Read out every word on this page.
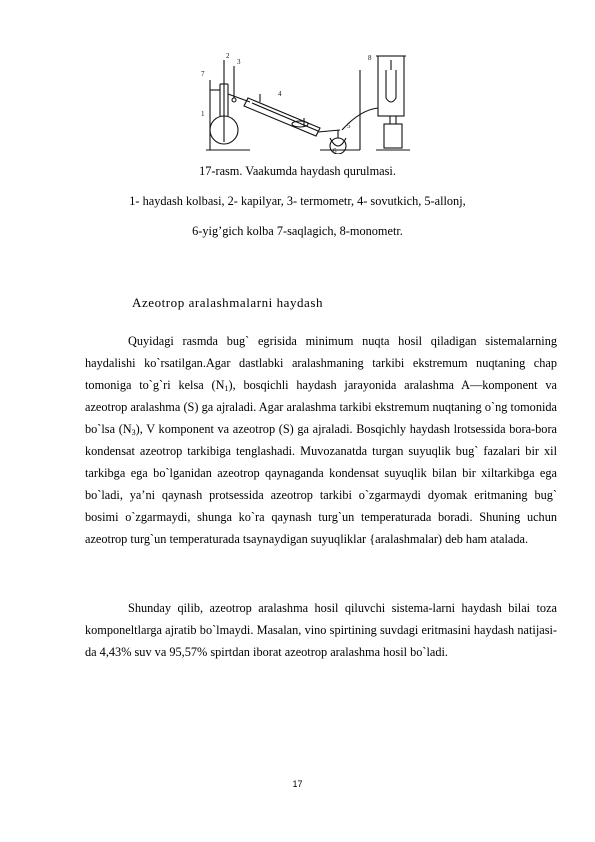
7
1
3
2
4
5
6
8
17-rasm. Vaakumda haydash qurulmasi.
1- haydash kolbasi, 2- kapilyar, 3- termometr, 4- sovutkich, 5-allonj,
6-yig’gich kolba 7-saqlagich, 8-monometr.
Azeotrop aralashmalarni haydash

Quyidagi rasmda bug` egrisida minimum nuqta hosil qiladigan sistemalarning haydalishi ko`rsatilgan.Agar dastlabki aralashmaning tarkibi ekstremum nuqtaning chap tomoniga to`g`ri kelsa $(N_1)$, bosqichli haydash jarayonida aralashma A—komponent va azeotrop aralashma (S) ga ajraladi. Agar aralashma tarkibi ekstremum nuqtaning o`ng tomonida bo`lsa $(N_3)$, V komponent va azeotrop (S) ga ajraladi. Bosqichly haydash lrotsessida bora-bora kondensat azeotrop tarkibiga tenglashadi. Muvozanatda turgan suyuqlik bug` fazalari bir xil tarkibga ega bo`lganidan azeotrop qaynaganda kondensat suyuqlik bilan bir xiltarkibga ega bo`ladi, ya’ni qaynash protsessida azeotrop tarkibi o`zgarmaydi dyomak eritmaning bug` bosimi o`zgarmaydi, shunga ko`ra qaynash turg`un temperaturada boradi. Shuning uchun azeotrop turg`un temperaturada tsaynaydigan suyuqliklar {aralashmalar) deb ham atalada.

Shunday qilib, azeotrop aralashma hosil qiluvchi sistema-larni haydash bilai toza komponeltlarga ajratib bo`lmaydi. Masalan, vino spirtining suvdagi eritmasini haydash natijasi-da 4,43% suv va 95,57% spirtdan iborat azeotrop aralashma hosil bo`ladi.

17
